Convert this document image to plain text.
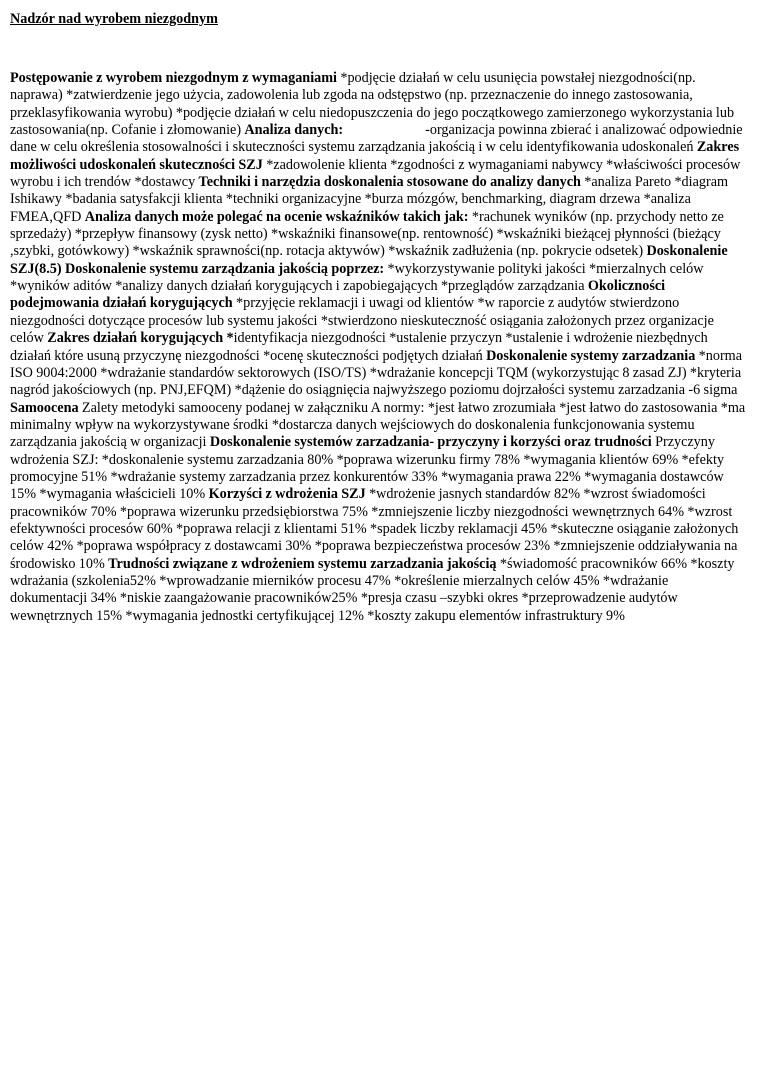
Nadzór nad wyrobem niezgodnym
Postępowanie z wyrobem niezgodnym z wymaganiami *podjęcie działań w celu usunięcia powstałej niezgodności(np. naprawa) *zatwierdzenie jego użycia, zadowolenia lub zgoda na odstępstwo (np. przeznaczenie do innego zastosowania, przeklasyfikowania wyrobu) *podjęcie działań w celu niedopuszczenia do jego początkowego zamierzonego wykorzystania lub zastosowania(np. Cofanie i złomowanie) Analiza danych:	-organizacja powinna zbierać i analizować odpowiednie dane w celu określenia stosowalności i skuteczności systemu zarządzania jakością i w celu identyfikowania udoskonaleń Zakres możliwości udoskonaleń skuteczności SZJ *zadowolenie klienta *zgodności z wymaganiami nabywcy *właściwości procesów wyrobu i ich trendów *dostawcy Techniki i narzędzia doskonalenia stosowane do analizy danych *analiza Pareto *diagram Ishikawy *badania satysfakcji klienta *techniki organizacyjne *burza mózgów, benchmarking, diagram drzewa *analiza FMEA,QFD Analiza danych może polegać na ocenie wskaźników takich jak: *rachunek wyników (np. przychody netto ze sprzedaży) *przepływ finansowy (zysk netto) *wskaźniki finansowe(np. rentowność) *wskaźniki bieżącej płynności (bieżący ,szybki, gotówkowy) *wskaźnik sprawności(np. rotacja aktywów) *wskaźnik zadłużenia (np. pokrycie odsetek) Doskonalenie SZJ(8.5) Doskonalenie systemu zarządzania jakością poprzez: *wykorzystywanie polityki jakości *mierzalnych celów *wyników aditów *analizy danych działań korygujących i zapobiegających *przeglądów zarządzania Okoliczności podejmowania działań korygujących *przyjęcie reklamacji i uwagi od klientów *w raporcie z audytów stwierdzono niezgodności dotyczące procesów lub systemu jakości *stwierdzono nieskuteczność osiągania założonych przez organizacje celów Zakres działań korygujących *identyfikacja niezgodności *ustalenie przyczyn *ustalenie i wdrożenie niezbędnych działań które usuną przyczynę niezgodności *ocenę skuteczności podjętych działań Doskonalenie systemy zarzadzania *norma ISO 9004:2000 *wdrażanie standardów sektorowych (ISO/TS) *wdrażanie koncepcji TQM (wykorzystując 8 zasad ZJ) *kryteria nagród jakościowych (np. PNJ,EFQM) *dążenie do osiągnięcia najwyższego poziomu dojrzałości systemu zarzadzania -6 sigma Samoocena Zalety metodyki samooceny podanej w załączniku A normy: *jest łatwo zrozumiała *jest łatwo do zastosowania *ma minimalny wpływ na wykorzystywane środki *dostarcza danych wejściowych do doskonalenia funkcjonowania systemu zarządzania jakością w organizacji Doskonalenie systemów zarzadzania- przyczyny i korzyści oraz trudności Przyczyny wdrożenia SZJ: *doskonalenie systemu zarzadzania 80% *poprawa wizerunku firmy 78% *wymagania klientów 69% *efekty promocyjne 51% *wdrażanie systemy zarzadzania przez konkurentów 33% *wymagania prawa 22% *wymagania dostawców 15% *wymagania właścicieli 10% Korzyści z wdrożenia SZJ *wdrożenie jasnych standardów 82% *wzrost świadomości pracowników 70% *poprawa wizerunku przedsiębiorstwa 75% *zmniejszenie liczby niezgodności wewnętrznych 64% *wzrost efektywności procesów 60% *poprawa relacji z klientami 51% *spadek liczby reklamacji 45% *skuteczne osiąganie założonych celów 42% *poprawa współpracy z dostawcami 30% *poprawa bezpieczeństwa procesów 23% *zmniejszenie oddziaływania na środowisko 10% Trudności związane z wdrożeniem systemu zarzadzania jakością *świadomość pracowników 66% *koszty wdrażania (szkolenia52% *wprowadzanie mierników procesu 47% *określenie mierzalnych celów 45% *wdrażanie dokumentacji 34% *niskie zaangażowanie pracowników25% *presja czasu –szybki okres *przeprowadzenie audytów wewnętrznych 15% *wymagania jednostki certyfikującej 12% *koszty zakupu elementów infrastruktury 9%
